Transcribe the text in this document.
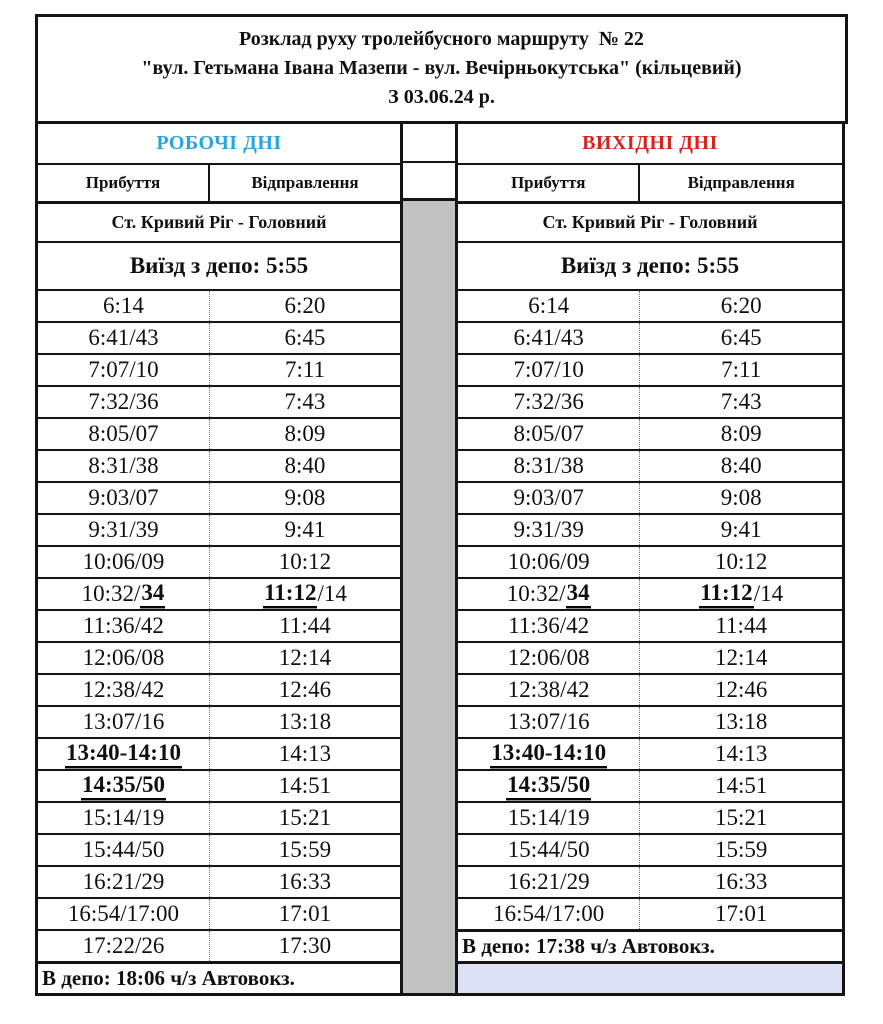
Розклад руху тролейбусного маршруту  № 22
"вул. Гетьмана Івана Мазепи - вул. Вечірньокутська" (кільцевий)
З 03.06.24 р.
РОБОЧІ ДНІ
Прибуття	Відправлення
Ст. Кривий Ріг - Головний
Виїзд з депо: 5:55
6:14	6:20
6:41/43	6:45
7:07/10	7:11
7:32/36	7:43
8:05/07	8:09
8:31/38	8:40
9:03/07	9:08
9:31/39	9:41
10:06/09	10:12
10:32/ 34	11:12 /14
11:36/42	11:44
12:06/08	12:14
12:38/42	12:46
13:07/16	13:18
13:40-14:10	14:13
14:35/50	14:51
15:14/19	15:21
15:44/50	15:59
16:21/29	16:33
16:54/17:00	17:01
17:22/26	17:30
В депо: 18:06 ч/з Автовокз.
ВИХІДНІ ДНІ
Прибуття	Відправлення
Ст. Кривий Ріг - Головний
Виїзд з депо: 5:55
6:14	6:20
6:41/43	6:45
7:07/10	7:11
7:32/36	7:43
8:05/07	8:09
8:31/38	8:40
9:03/07	9:08
9:31/39	9:41
10:06/09	10:12
10:32/ 34	11:12 /14
11:36/42	11:44
12:06/08	12:14
12:38/42	12:46
13:07/16	13:18
13:40-14:10	14:13
14:35/50	14:51
15:14/19	15:21
15:44/50	15:59
16:21/29	16:33
16:54/17:00	17:01
В депо: 17:38 ч/з Автовокз.
